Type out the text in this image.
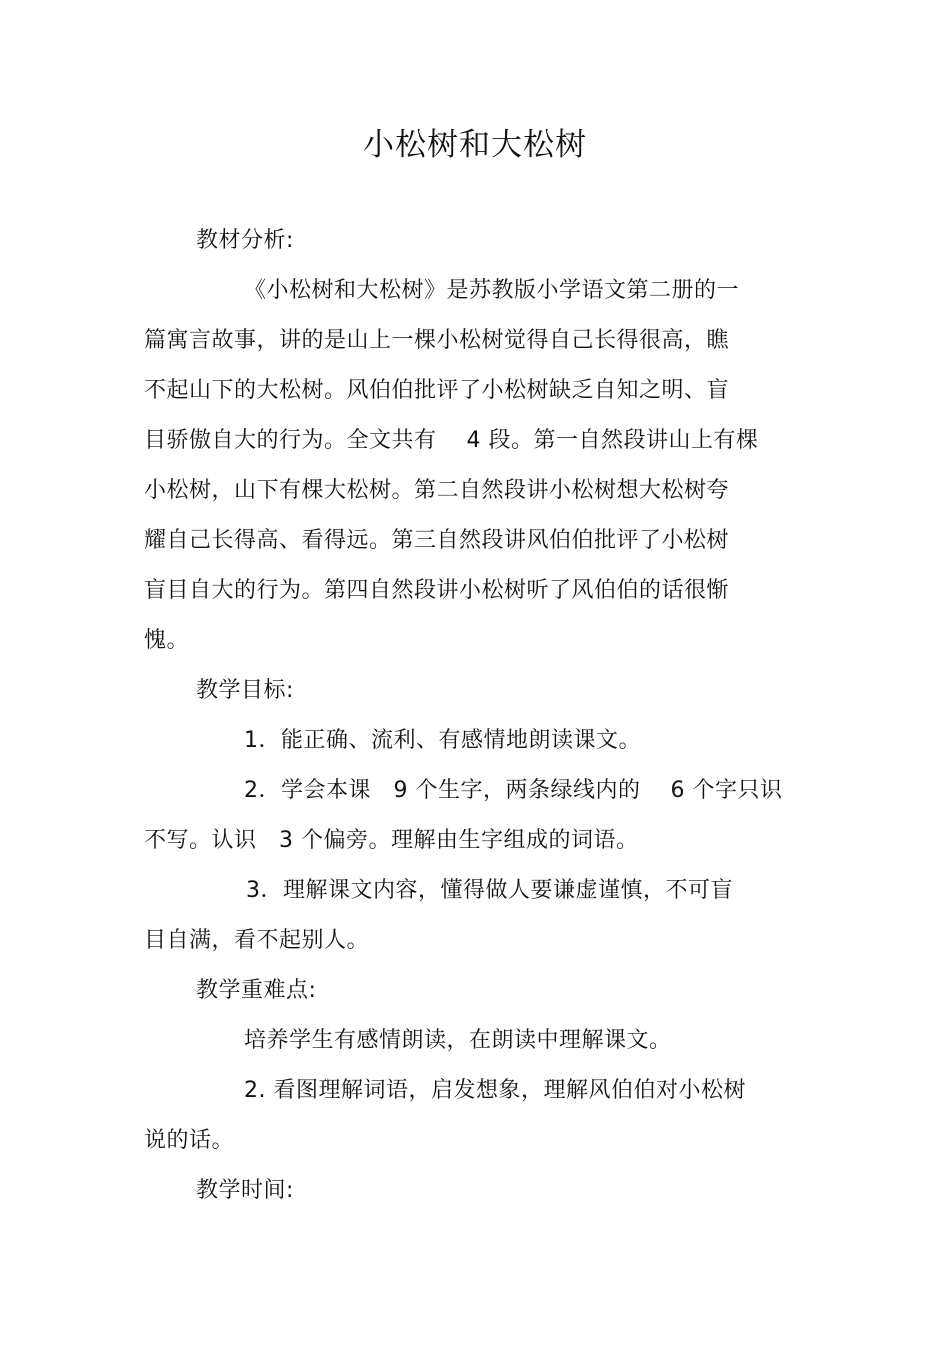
小松树和大松树
教材分析:
《小松树和大松树》是苏教版小学语文第二册的一
篇寓言故事，讲的是山上一棵小松树觉得自己长得很高，瞧
不起山下的大松树。风伯伯批评了小松树缺乏自知之明、盲
目骄傲自大的行为。全文共有　 4 段。第一自然段讲山上有棵
小松树，山下有棵大松树。第二自然段讲小松树想大松树夸
耀自己长得高、看得远。第三自然段讲风伯伯批评了小松树
盲目自大的行为。第四自然段讲小松树听了风伯伯的话很惭
愧。
教学目标:
1．能正确、流利、有感情地朗读课文。
2．学会本课　9 个生字，两条绿线内的　 6 个字只识
不写。认识　3 个偏旁。理解由生字组成的词语。
3．理解课文内容，懂得做人要谦虚谨慎，不可盲
目自满，看不起别人。
教学重难点:
培养学生有感情朗读，在朗读中理解课文。
2. 看图理解词语，启发想象，理解风伯伯对小松树
说的话。
教学时间:
